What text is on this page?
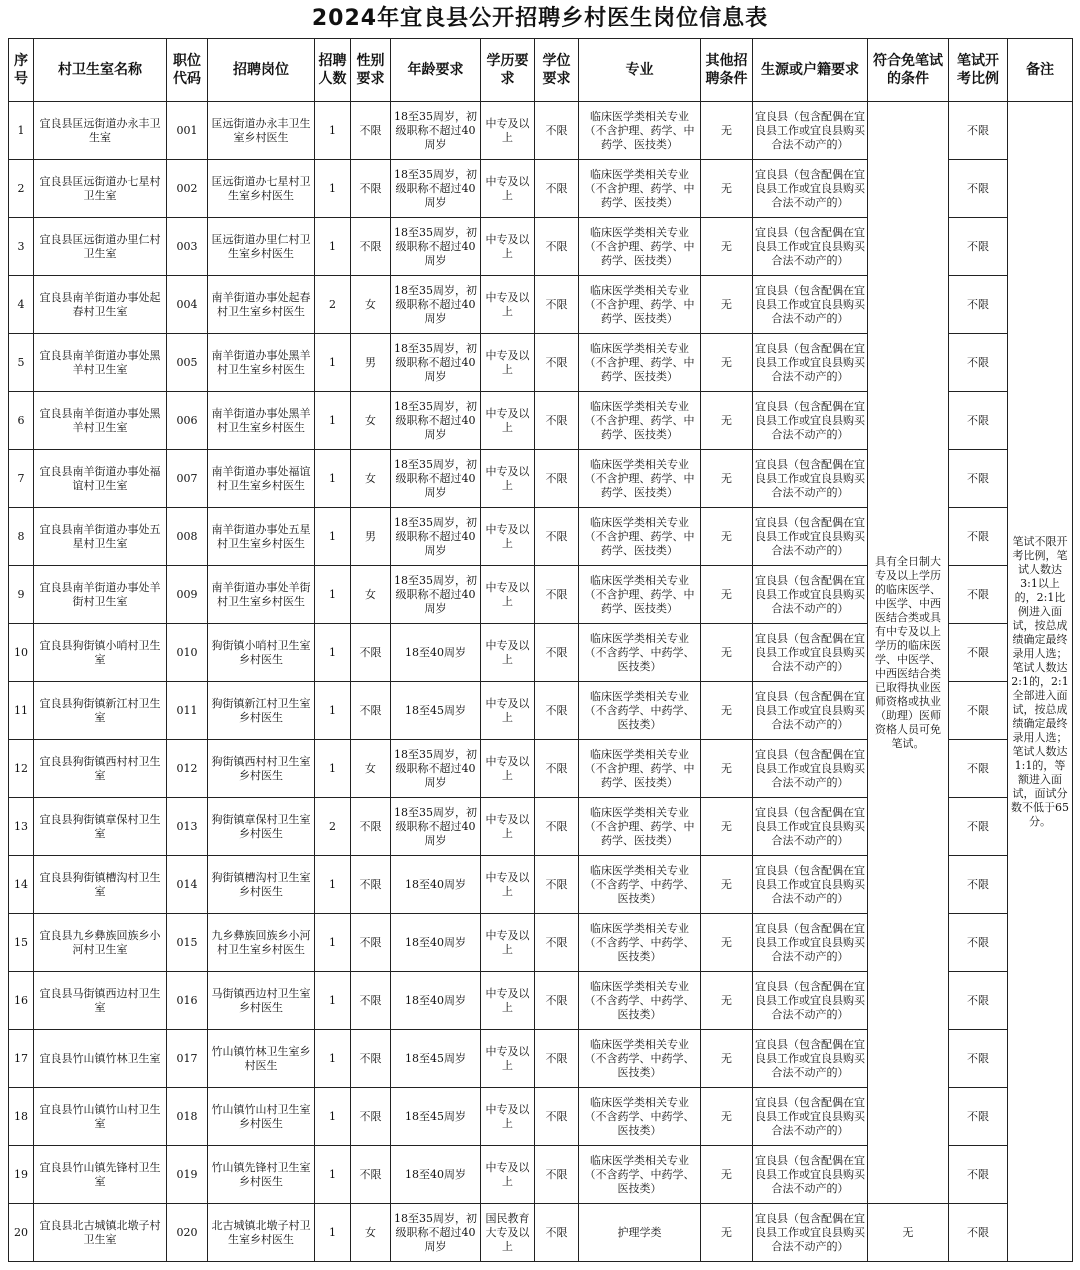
2024年宜良县公开招聘乡村医生岗位信息表
序号	村卫生室名称	职位代码	招聘岗位	招聘人数	性别要求	年龄要求	学历要求	学位要求	专业	其他招聘条件	生源或户籍要求	符合免笔试的条件	笔试开考比例	备注
1	宜良县匡远街道办永丰卫生室	001	匡远街道办永丰卫生室乡村医生	1	不限	18至35周岁，初级职称不超过40周岁	中专及以上	不限	临床医学类相关专业（不含护理、药学、中药学、医技类）	无	宜良县（包含配偶在宜良县工作或宜良县购买合法不动产的）	具有全日制大专及以上学历的临床医学、中医学、中西医结合类或具有中专及以上学历的临床医学、中医学、中西医结合类已取得执业医师资格或执业（助理）医师资格人员可免笔试。	不限	笔试不限开考比例，笔试人数达3:1以上的，2:1比例进入面试，按总成绩确定最终录用人选；笔试人数达2:1的，2:1全部进入面试，按总成绩确定最终录用人选；笔试人数达1:1的，等额进入面试，面试分数不低于65分。
2	宜良县匡远街道办七星村卫生室	002	匡远街道办七星村卫生室乡村医生	1	不限	18至35周岁，初级职称不超过40周岁	中专及以上	不限	临床医学类相关专业（不含护理、药学、中药学、医技类）	无	宜良县（包含配偶在宜良县工作或宜良县购买合法不动产的）		不限	
3	宜良县匡远街道办里仁村卫生室	003	匡远街道办里仁村卫生室乡村医生	1	不限	18至35周岁，初级职称不超过40周岁	中专及以上	不限	临床医学类相关专业（不含护理、药学、中药学、医技类）	无	宜良县（包含配偶在宜良县工作或宜良县购买合法不动产的）		不限	
4	宜良县南羊街道办事处起春村卫生室	004	南羊街道办事处起春村卫生室乡村医生	2	女	18至35周岁，初级职称不超过40周岁	中专及以上	不限	临床医学类相关专业（不含护理、药学、中药学、医技类）	无	宜良县（包含配偶在宜良县工作或宜良县购买合法不动产的）		不限	
5	宜良县南羊街道办事处黑羊村卫生室	005	南羊街道办事处黑羊村卫生室乡村医生	1	男	18至35周岁，初级职称不超过40周岁	中专及以上	不限	临床医学类相关专业（不含护理、药学、中药学、医技类）	无	宜良县（包含配偶在宜良县工作或宜良县购买合法不动产的）		不限	
6	宜良县南羊街道办事处黑羊村卫生室	006	南羊街道办事处黑羊村卫生室乡村医生	1	女	18至35周岁，初级职称不超过40周岁	中专及以上	不限	临床医学类相关专业（不含护理、药学、中药学、医技类）	无	宜良县（包含配偶在宜良县工作或宜良县购买合法不动产的）		不限	
7	宜良县南羊街道办事处福谊村卫生室	007	南羊街道办事处福谊村卫生室乡村医生	1	女	18至35周岁，初级职称不超过40周岁	中专及以上	不限	临床医学类相关专业（不含护理、药学、中药学、医技类）	无	宜良县（包含配偶在宜良县工作或宜良县购买合法不动产的）		不限	
8	宜良县南羊街道办事处五星村卫生室	008	南羊街道办事处五星村卫生室乡村医生	1	男	18至35周岁，初级职称不超过40周岁	中专及以上	不限	临床医学类相关专业（不含护理、药学、中药学、医技类）	无	宜良县（包含配偶在宜良县工作或宜良县购买合法不动产的）		不限	
9	宜良县南羊街道办事处羊街村卫生室	009	南羊街道办事处羊街村卫生室乡村医生	1	女	18至35周岁，初级职称不超过40周岁	中专及以上	不限	临床医学类相关专业（不含护理、药学、中药学、医技类）	无	宜良县（包含配偶在宜良县工作或宜良县购买合法不动产的）		不限	
10	宜良县狗街镇小哨村卫生室	010	狗街镇小哨村卫生室乡村医生	1	不限	18至40周岁	中专及以上	不限	临床医学类相关专业（不含药学、中药学、医技类）	无	宜良县（包含配偶在宜良县工作或宜良县购买合法不动产的）		不限	
11	宜良县狗街镇新江村卫生室	011	狗街镇新江村卫生室乡村医生	1	不限	18至45周岁	中专及以上	不限	临床医学类相关专业（不含药学、中药学、医技类）	无	宜良县（包含配偶在宜良县工作或宜良县购买合法不动产的）		不限	
12	宜良县狗街镇西村村卫生室	012	狗街镇西村村卫生室乡村医生	1	女	18至35周岁，初级职称不超过40周岁	中专及以上	不限	临床医学类相关专业（不含护理、药学、中药学、医技类）	无	宜良县（包含配偶在宜良县工作或宜良县购买合法不动产的）		不限	
13	宜良县狗街镇章保村卫生室	013	狗街镇章保村卫生室乡村医生	2	不限	18至35周岁，初级职称不超过40周岁	中专及以上	不限	临床医学类相关专业（不含护理、药学、中药学、医技类）	无	宜良县（包含配偶在宜良县工作或宜良县购买合法不动产的）		不限	
14	宜良县狗街镇槽沟村卫生室	014	狗街镇槽沟村卫生室乡村医生	1	不限	18至40周岁	中专及以上	不限	临床医学类相关专业（不含药学、中药学、医技类）	无	宜良县（包含配偶在宜良县工作或宜良县购买合法不动产的）		不限	
15	宜良县九乡彝族回族乡小河村卫生室	015	九乡彝族回族乡小河村卫生室乡村医生	1	不限	18至40周岁	中专及以上	不限	临床医学类相关专业（不含药学、中药学、医技类）	无	宜良县（包含配偶在宜良县工作或宜良县购买合法不动产的）		不限	
16	宜良县马街镇西边村卫生室	016	马街镇西边村卫生室乡村医生	1	不限	18至40周岁	中专及以上	不限	临床医学类相关专业（不含药学、中药学、医技类）	无	宜良县（包含配偶在宜良县工作或宜良县购买合法不动产的）		不限	
17	宜良县竹山镇竹林卫生室	017	竹山镇竹林卫生室乡村医生	1	不限	18至45周岁	中专及以上	不限	临床医学类相关专业（不含药学、中药学、医技类）	无	宜良县（包含配偶在宜良县工作或宜良县购买合法不动产的）		不限	
18	宜良县竹山镇竹山村卫生室	018	竹山镇竹山村卫生室乡村医生	1	不限	18至45周岁	中专及以上	不限	临床医学类相关专业（不含药学、中药学、医技类）	无	宜良县（包含配偶在宜良县工作或宜良县购买合法不动产的）		不限	
19	宜良县竹山镇先锋村卫生室	019	竹山镇先锋村卫生室乡村医生	1	不限	18至40周岁	中专及以上	不限	临床医学类相关专业（不含药学、中药学、医技类）	无	宜良县（包含配偶在宜良县工作或宜良县购买合法不动产的）		不限	
20	宜良县北古城镇北墩子村卫生室	020	北古城镇北墩子村卫生室乡村医生	1	女	18至35周岁，初级职称不超过40周岁	国民教育大专及以上	不限	护理学类	无	宜良县（包含配偶在宜良县工作或宜良县购买合法不动产的）	无	不限	
